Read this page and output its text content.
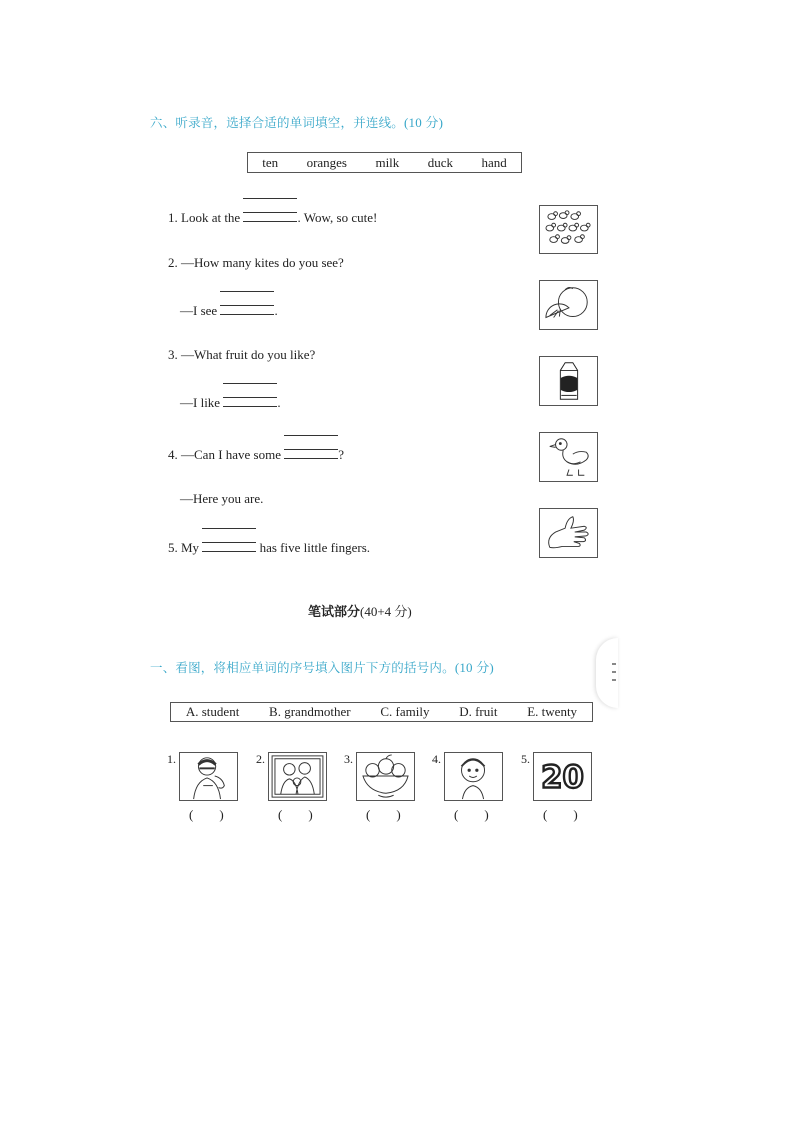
六、听录音，选择合适的单词填空，并连线。(10 分)
ten oranges milk duck hand
1. Look at the	. Wow, so cute!
2. —How many kites do you see?
—I see	.
3. —What fruit do you like?
—I like	.
4. —Can I have some	?
—Here you are.
5. My	has five little fingers.
笔试部分(40+4 分)
一、看图，将相应单词的序号填入图片下方的括号内。(10 分)
A. student B. grandmother C. family D. fruit E. twenty
1.
(　　)
2.
(　　)
3.
(　　)
4.
(　　)
5.
20
(　　)
